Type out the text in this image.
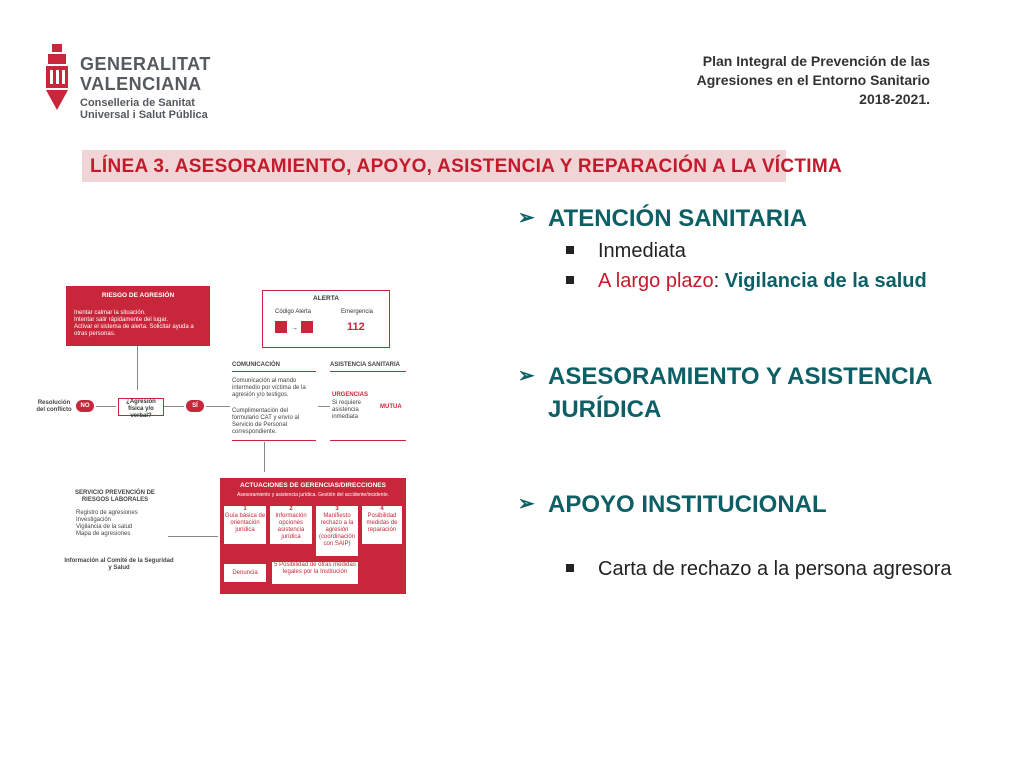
GENERALITAT
VALENCIANA
Conselleria de Sanitat
Universal i Salut Pública
Plan Integral de Prevención de las
Agresiones en el Entorno Sanitario
2018-2021.
LÍNEA 3. ASESORAMIENTO, APOYO, ASISTENCIA Y REPARACIÓN A LA VÍCTIMA
RIESGO DE AGRESIÓN
Inentar calmar la situación.
Intentar salir rápidamente del lugar.
Activar el sistema de alerta. Solicitar ayuda a otras personas.
ALERTA
Código Alerta	Emergencia
→	112
COMUNICACIÓN
Comunicación al mando intermedio por víctima de la agresión y/o testigos.
Cumplimentación del formulario CAT y envío al Servicio de Personal correspondiente.
ASISTENCIA SANITARIA
URGENCIAS
Si requiere asistencia inmediata
MUTUA
Resolución del conflicto
NO
¿Agresión física y/o verbal?
SÍ
ACTUACIONES DE GERENCIAS/DIRECCIONES
Asesoramiento y asistencia jurídica. Gestión del accidente/incidente.
1
Guía básica de orientación jurídica
2
Información opciones asistencia jurídica
3
Manifiesto rechazo a la agresión (coordinación con SAIP)
4
Posibilidad medidas de reparación
Denuncia
5 Posibilidad de otras medidas legales por la Institución
SERVICIO PREVENCIÓN DE RIESGOS LABORALES
Registro de agresiones
Investigación
Vigilancia de la salud
Mapa de agresiones
Información al Comité de la Seguridad y Salud
➢ ATENCIÓN SANITARIA
Inmediata
A largo plazo: Vigilancia de la salud
➢ ASESORAMIENTO Y ASISTENCIA JURÍDICA
➢ APOYO INSTITUCIONAL
Carta de rechazo a la persona agresora
